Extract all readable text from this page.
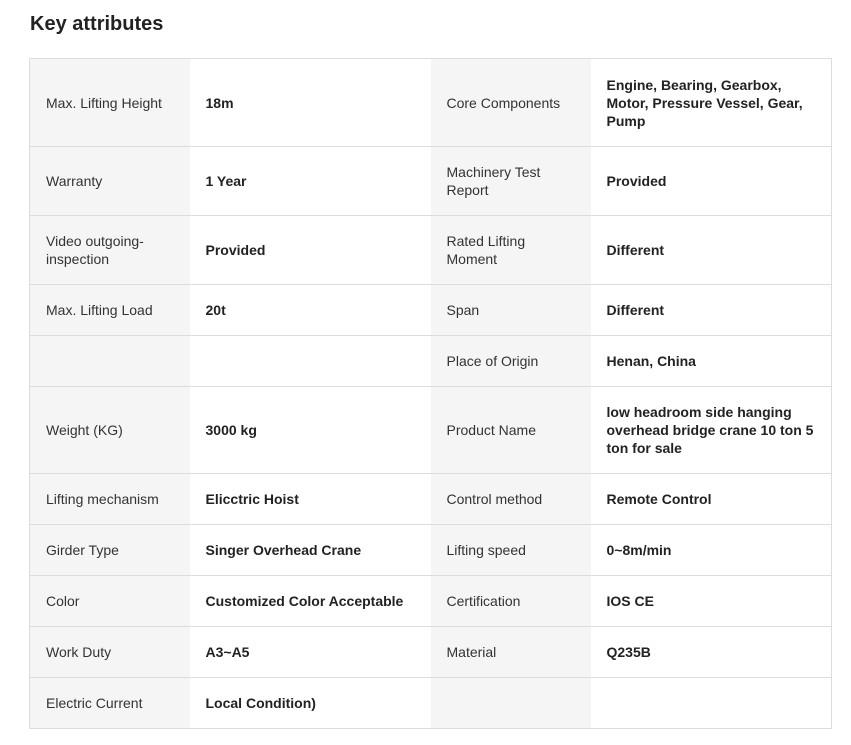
Key attributes
Max. Lifting Height	18m	Core Components	Engine, Bearing, Gearbox, Motor, Pressure Vessel, Gear, Pump
Warranty	1 Year	Machinery Test Report	Provided
Video outgoing-inspection	Provided	Rated Lifting Moment	Different
Max. Lifting Load	20t	Span	Different
		Place of Origin	Henan, China
Weight (KG)	3000 kg	Product Name	low headroom side hanging overhead bridge crane 10 ton 5 ton for sale
Lifting mechanism	Elicctric Hoist	Control method	Remote Control
Girder Type	Singer Overhead Crane	Lifting speed	0~8m/min
Color	Customized Color Acceptable	Certification	IOS CE
Work Duty	A3~A5	Material	Q235B
Electric Current	Local Condition)		
